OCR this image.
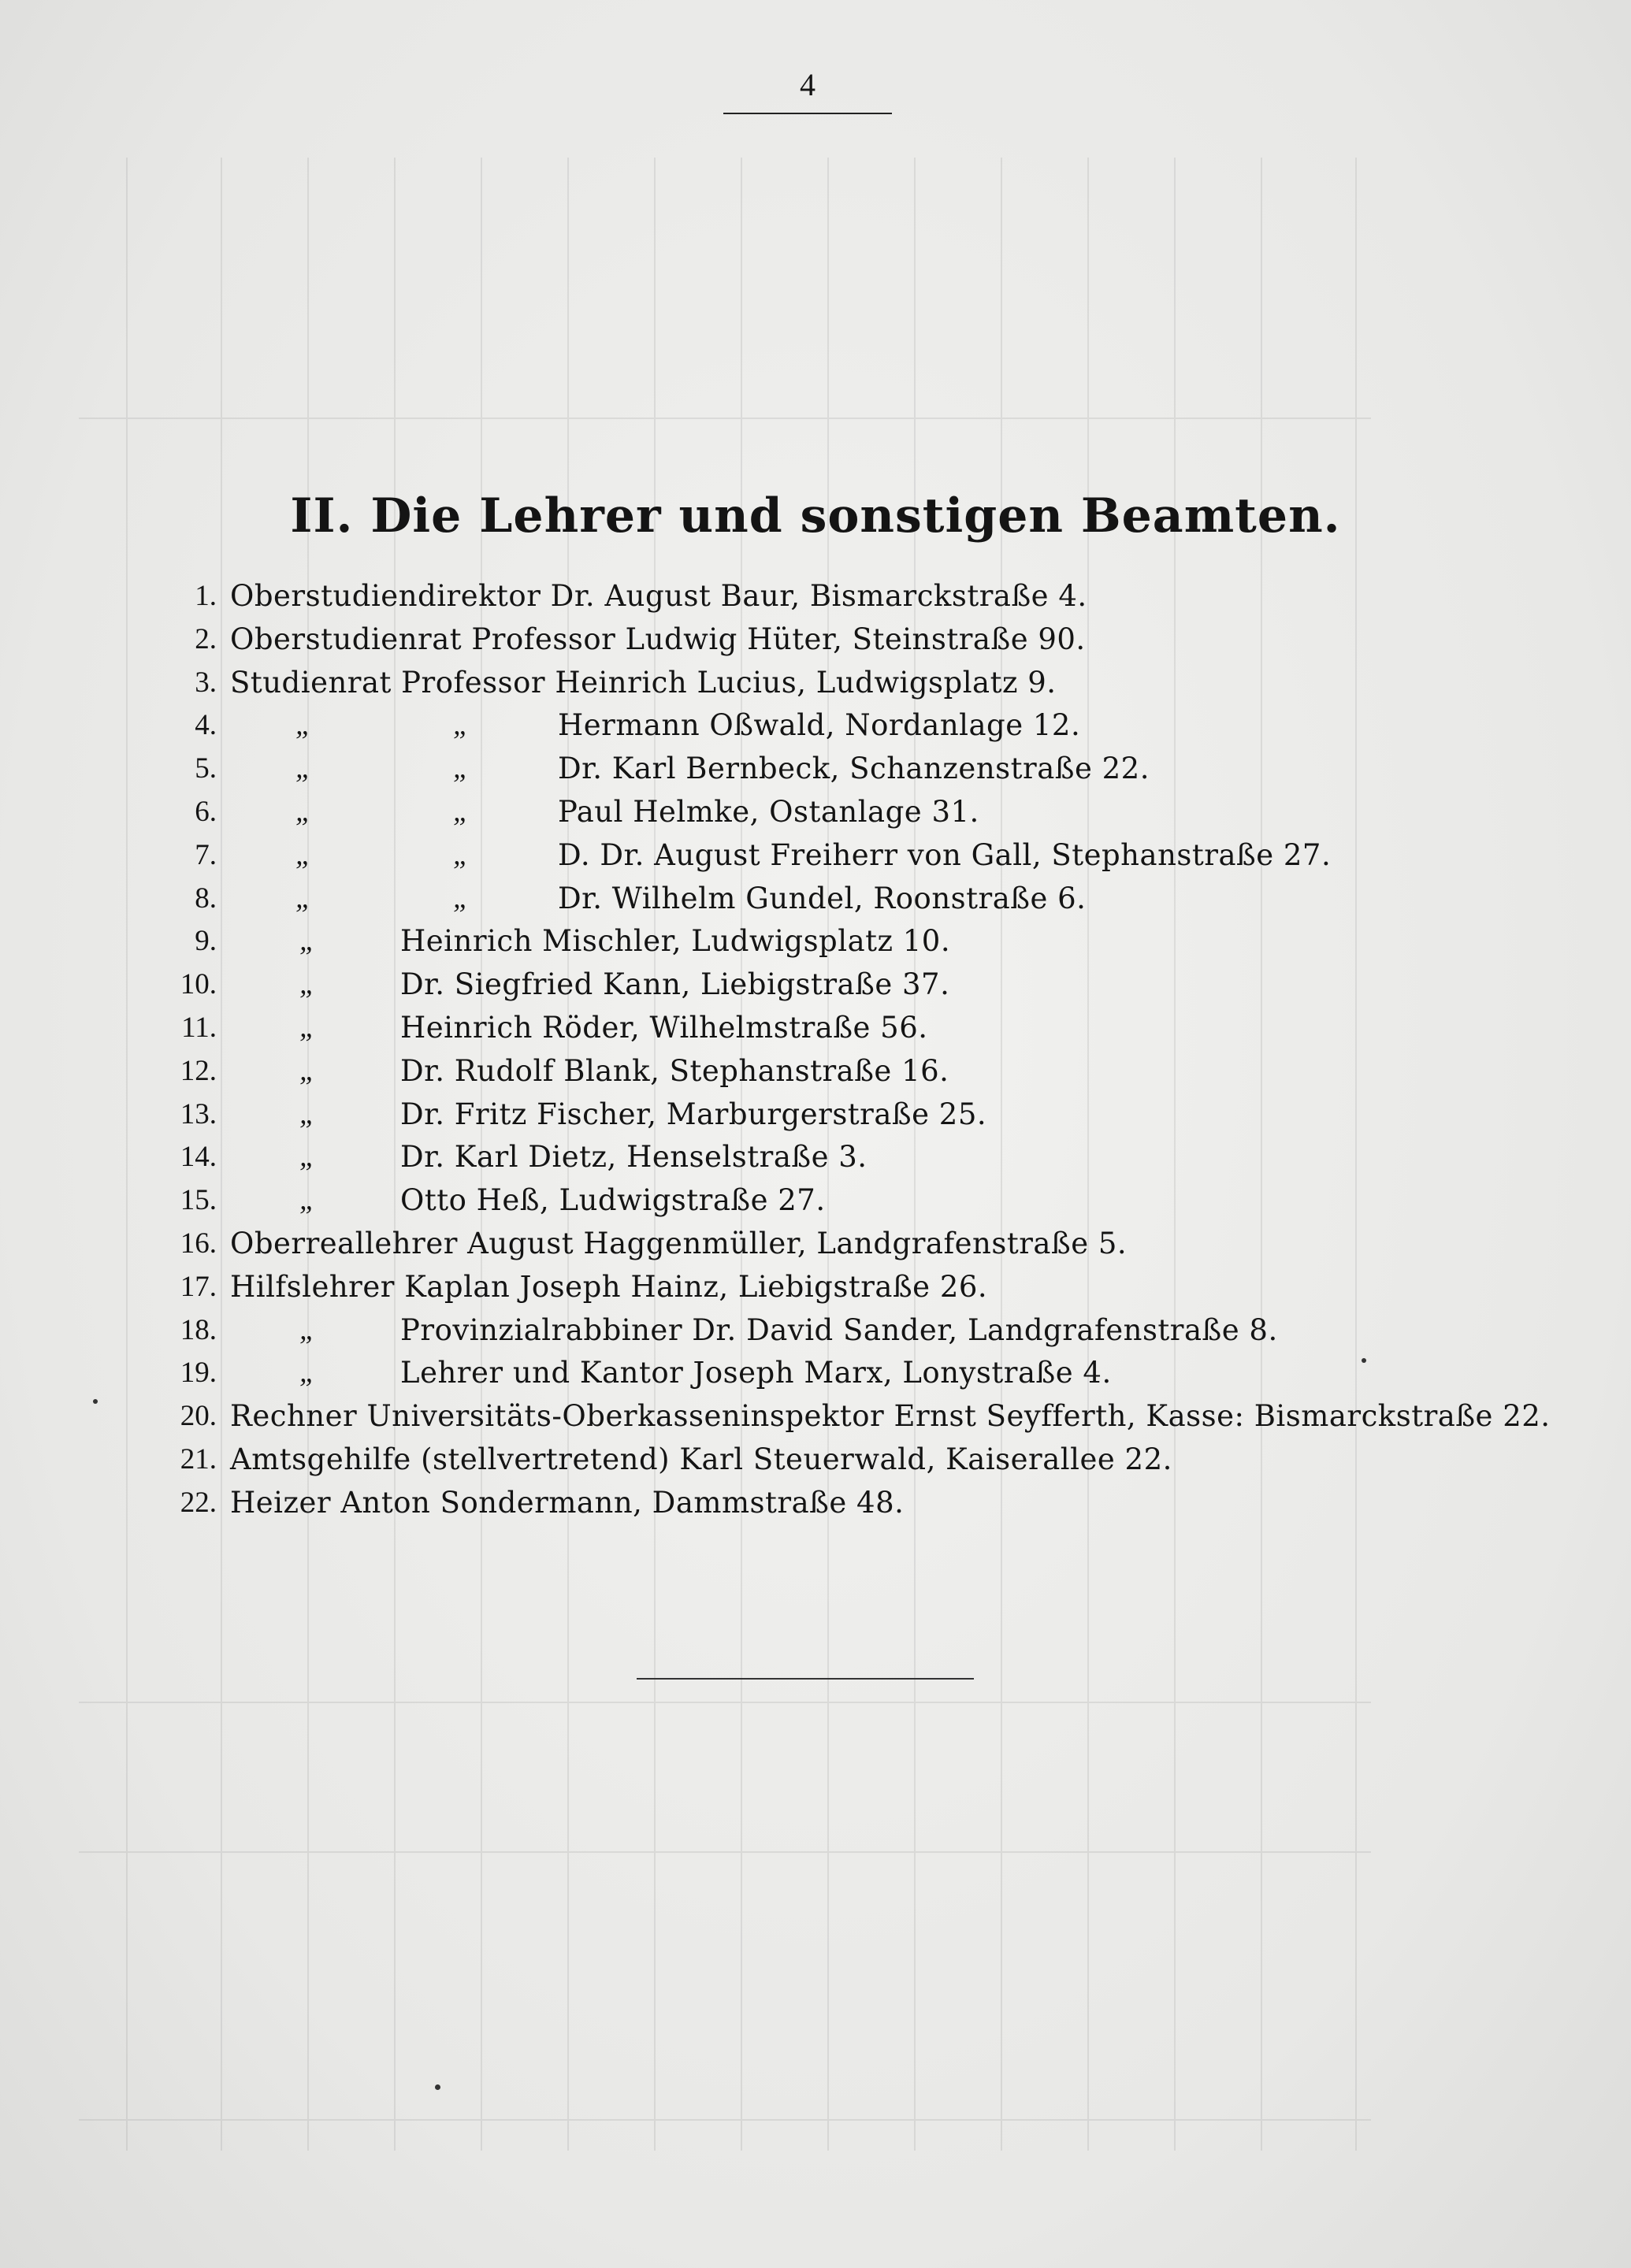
4
II. Die Lehrer und sonstigen Beamten.
1. Oberstudiendirektor Dr. August Baur, Bismarckstraße 4.
2. Oberstudienrat Professor Ludwig Hüter, Steinstraße 90.
3. Studienrat Professor Heinrich Lucius, Ludwigsplatz 9.
4.	„	„	Hermann Oßwald, Nordanlage 12.
5.	„	„	Dr. Karl Bernbeck, Schanzenstraße 22.
6.	„	„	Paul Helmke, Ostanlage 31.
7.	„	„	D. Dr. August Freiherr von Gall, Stephanstraße 27.
8.	„	„	Dr. Wilhelm Gundel, Roonstraße 6.
9.	„	Heinrich Mischler, Ludwigsplatz 10.
10.	„	Dr. Siegfried Kann, Liebigstraße 37.
11.	„	Heinrich Röder, Wilhelmstraße 56.
12.	„	Dr. Rudolf Blank, Stephanstraße 16.
13.	„	Dr. Fritz Fischer, Marburgerstraße 25.
14.	„	Dr. Karl Dietz, Henselstraße 3.
15.	„	Otto Heß, Ludwigstraße 27.
16. Oberreallehrer August Haggenmüller, Landgrafenstraße 5.
17. Hilfslehrer Kaplan Joseph Hainz, Liebigstraße 26.
18.	„	Provinzialrabbiner Dr. David Sander, Landgrafenstraße 8.
19.	„	Lehrer und Kantor Joseph Marx, Lonystraße 4.
20. Rechner Universitäts-Oberkasseninspektor Ernst Seyfferth, Kasse: Bismarckstraße 22.
21. Amtsgehilfe (stellvertretend) Karl Steuerwald, Kaiserallee 22.
22. Heizer Anton Sondermann, Dammstraße 48.
